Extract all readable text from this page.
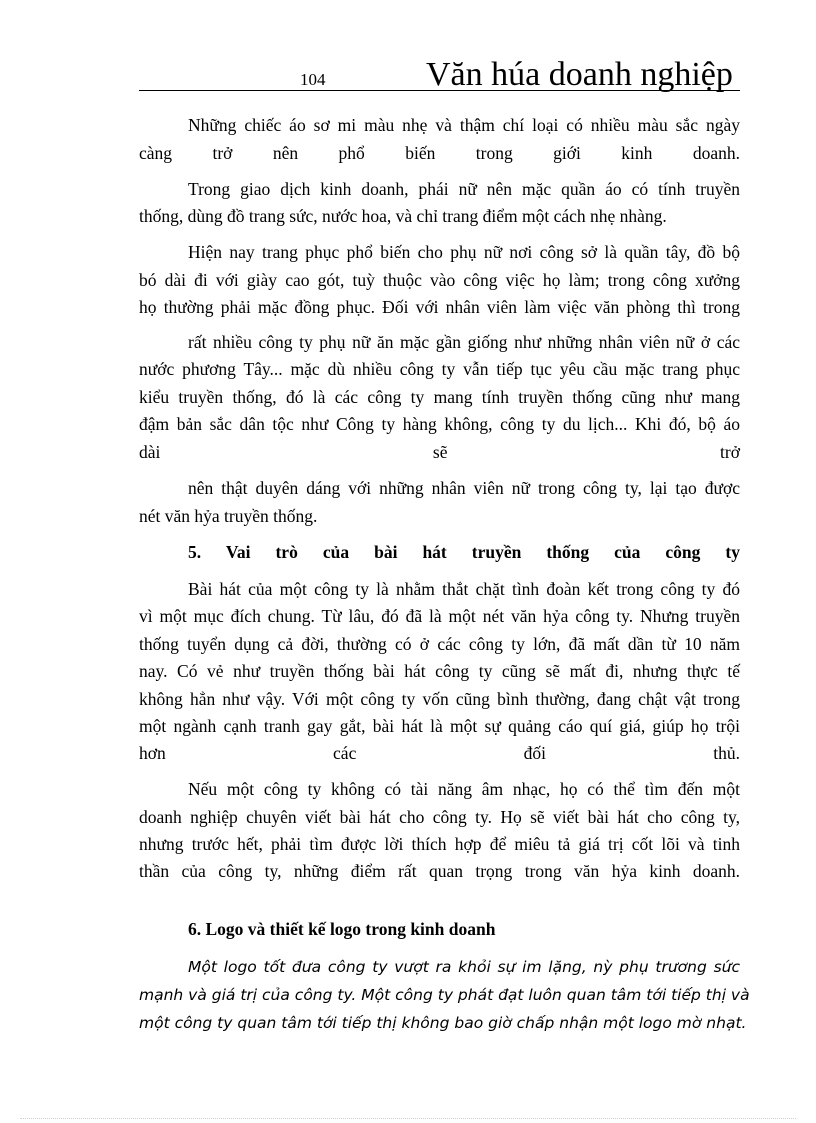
104	Văn húa doanh nghiệp
Những chiếc áo sơ mi màu nhẹ và thậm chí loại có nhiều màu sắc ngày
càng trở nên phổ biến trong giới kinh doanh.
Trong giao dịch kinh doanh, phái nữ nên mặc quần áo có tính truyền
thống, dùng đồ trang sức, nước hoa, và chỉ trang điểm một cách nhẹ nhàng.
Hiện nay trang phục phổ biến cho phụ nữ nơi công sở là quần tây, đồ bộ
bó dài đi với giày cao gót, tuỳ thuộc vào công việc họ làm; trong công xưởng
họ thường phải mặc đồng phục. Đối với nhân viên làm việc văn phòng thì trong
rất nhiều công ty phụ nữ ăn mặc gần giống như những nhân viên nữ ở các
nước phương Tây... mặc dù nhiều công ty vẫn tiếp tục yêu cầu mặc trang phục
kiểu truyền thống, đó là các công ty mang tính truyền thống cũng như mang
đậm bản sắc dân tộc như Công ty hàng không, công ty du lịch... Khi đó, bộ áo
dài sẽ trở
nên thật duyên dáng với những nhân viên nữ trong công ty, lại tạo được
nét văn hỷa truyền thống.
5. Vai trò của bài hát truyền thống của công ty
Bài hát của một công ty là nhằm thắt chặt tình đoàn kết trong công ty đó
vì một mục đích chung. Từ lâu, đó đã là một nét văn hỷa công ty. Nhưng truyền
thống tuyển dụng cả đời, thường có ở các công ty lớn, đã mất dần từ 10 năm
nay. Có vẻ như truyền thống bài hát công ty cũng sẽ mất đi, nhưng thực tế
không hẳn như vậy. Với một công ty vốn cũng bình thường, đang chật vật trong
một ngành cạnh tranh gay gắt, bài hát là một sự quảng cáo quí giá, giúp họ trội
hơn các đối thủ.
Nếu một công ty không có tài năng âm nhạc, họ có thể tìm đến một
doanh nghiệp chuyên viết bài hát cho công ty. Họ sẽ viết bài hát cho công ty,
nhưng trước hết, phải tìm được lời thích hợp để miêu tả giá trị cốt lõi và tinh
thần của công ty, những điểm rất quan trọng trong văn hỷa kinh doanh.
6. Logo và thiết kế logo trong kinh doanh
Một logo tốt đưa công ty vượt ra khỏi sự im lặng, nỳ phụ trương sức
mạnh và giá trị của công ty. Một công ty phát đạt luôn quan tâm tới tiếp thị và
một công ty quan tâm tới tiếp thị không bao giờ chấp nhận một logo mờ nhạt.
